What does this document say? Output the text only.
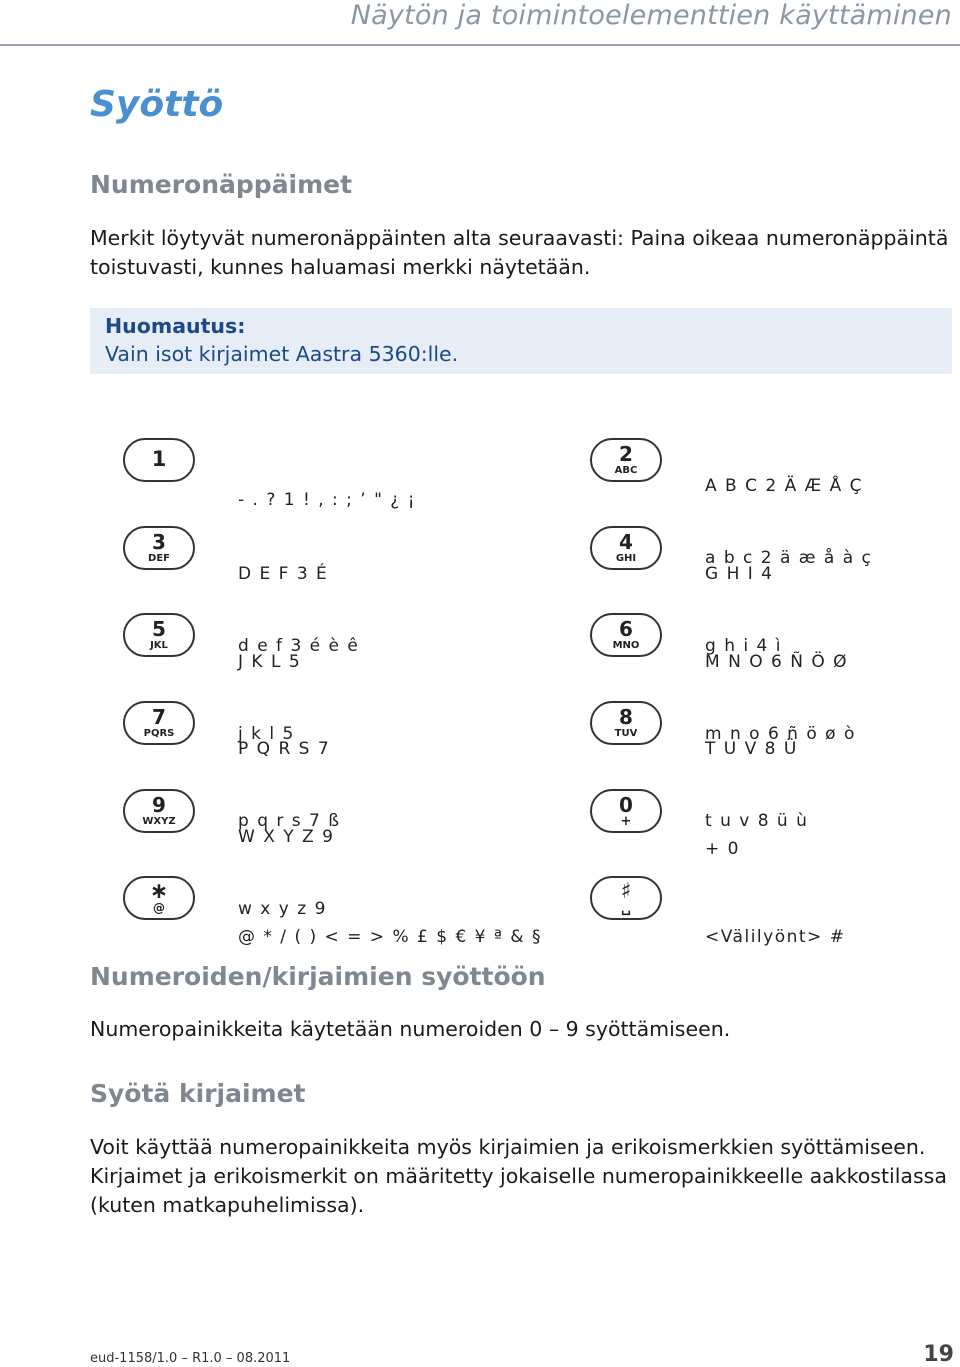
Näytön ja toimintoelementtien käyttäminen
Syöttö
Numeronäppäimet
Merkit löytyvät numeronäppäinten alta seuraavasti: Paina oikeaa numeronäppäintä toistuvasti, kunnes haluamasi merkki näytetään.
Huomautus:
Vain isot kirjaimet Aastra 5360:lle.
1

- . ? 1 ! , : ; ’ " ¿ ¡

2
ABC

A B C 2 Ä Æ Å Ç

a b c 2 ä æ å à ç

3
DEF

D E F 3 É

d e f 3 é è ê

4
GHI

G H I 4

g h i 4 ì

5
JKL

J K L 5

j k l 5

6
MNO

M N O 6 Ñ Ö Ø

m n o 6 ñ ö ø ò

7
PQRS

P Q R S 7

p q r s 7 ß

8
TUV

T U V 8 Ü

t u v 8 ü ù

9
WXYZ

W X Y Z 9

w x y z 9

0
+

+ 0

∗
@

@ * / ( ) < = > % £ $ € ¥ ª & §

♯
␣

<Välilyönt> #

Numeroiden/kirjaimien syöttöön
Numeropainikkeita käytetään numeroiden 0 – 9 syöttämiseen.
Syötä kirjaimet
Voit käyttää numeropainikkeita myös kirjaimien ja erikoismerkkien syöttämiseen. Kirjaimet ja erikoismerkit on määritetty jokaiselle numeropainikkeelle aakkostilassa (kuten matkapuhelimissa).
eud-1158/1.0 – R1.0 – 08.2011	19
